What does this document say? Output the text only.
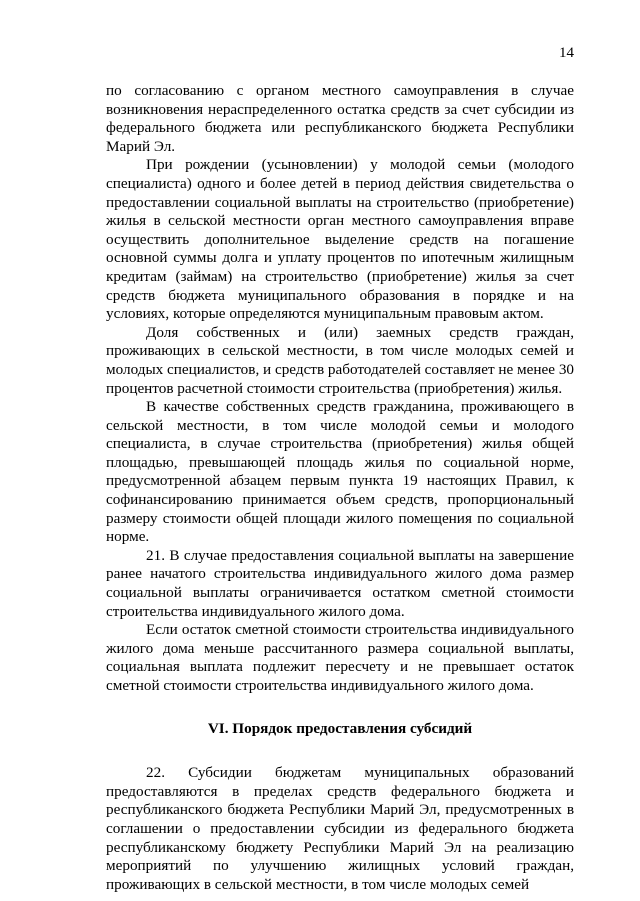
14

по согласованию с органом местного самоуправления в случае возникновения нераспределенного остатка средств за счет субсидии из федерального бюджета или республиканского бюджета Республики Марий Эл.

При рождении (усыновлении) у молодой семьи (молодого специалиста) одного и более детей в период действия свидетельства о предоставлении социальной выплаты на строительство (приобретение) жилья в сельской местности орган местного самоуправления вправе осуществить дополнительное выделение средств на погашение основной суммы долга и уплату процентов по ипотечным жилищным кредитам (займам) на строительство (приобретение) жилья за счет средств бюджета муниципального образования в порядке и на условиях, которые определяются муниципальным правовым актом.

Доля собственных и (или) заемных средств граждан, проживающих в сельской местности, в том числе молодых семей и молодых специалистов, и средств работодателей составляет не менее 30 процентов расчетной стоимости строительства (приобретения) жилья.

В качестве собственных средств гражданина, проживающего в сельской местности, в том числе молодой семьи и молодого специалиста, в случае строительства (приобретения) жилья общей площадью, превышающей площадь жилья по социальной норме, предусмотренной абзацем первым пункта 19 настоящих Правил, к софинансированию принимается объем средств, пропорциональный размеру стоимости общей площади жилого помещения по социальной норме.

21. В случае предоставления социальной выплаты на завершение ранее начатого строительства индивидуального жилого дома размер социальной выплаты ограничивается остатком сметной стоимости строительства индивидуального жилого дома.

Если остаток сметной стоимости строительства индивидуального жилого дома меньше рассчитанного размера социальной выплаты, социальная выплата подлежит пересчету и не превышает остаток сметной стоимости строительства индивидуального жилого дома.

VI. Порядок предоставления субсидий

22. Субсидии бюджетам муниципальных образований предоставляются в пределах средств федерального бюджета и республиканского бюджета Республики Марий Эл, предусмотренных в соглашении о предоставлении субсидии из федерального бюджета республиканскому бюджету Республики Марий Эл на реализацию мероприятий по улучшению жилищных условий граждан, проживающих в сельской местности, в том числе молодых семей
